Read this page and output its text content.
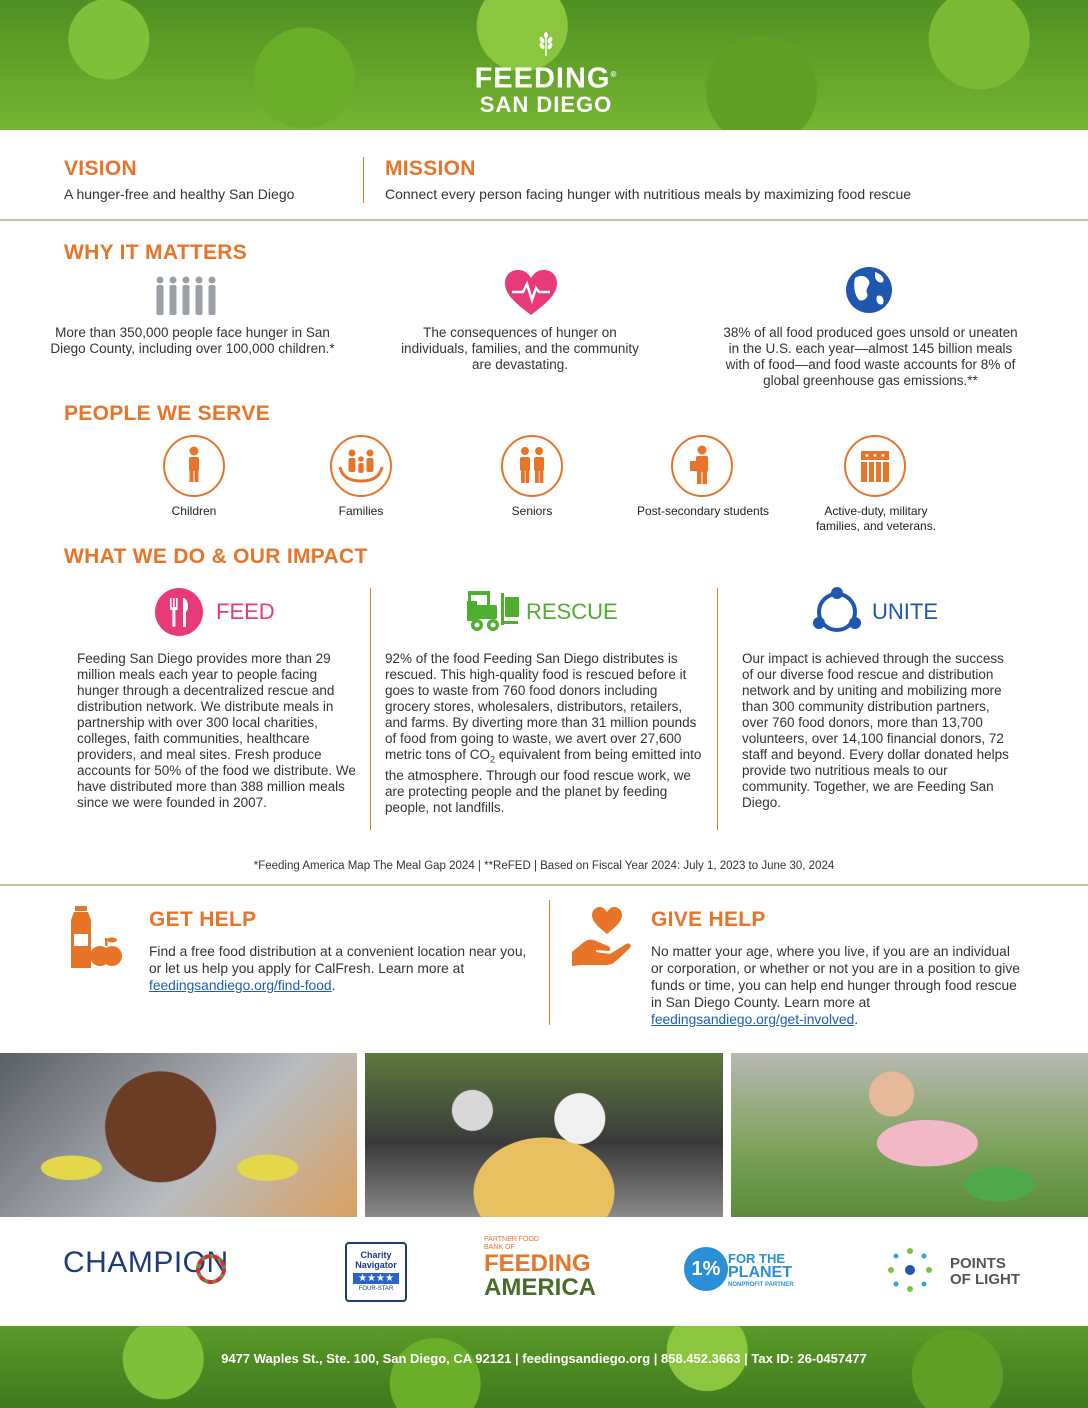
FEEDING®
SAN DIEGO
VISION
A hunger-free and healthy San Diego
MISSION
Connect every person facing hunger with nutritious meals by maximizing food rescue
WHY IT MATTERS
More than 350,000 people face hunger in San Diego County, including over 100,000 children.*
The consequences of hunger on individuals, families, and the community are devastating.
38% of all food produced goes unsold or uneaten in the U.S. each year—almost 145 billion meals with of food—and food waste accounts for 8% of global greenhouse gas emissions.**
PEOPLE WE SERVE
Children	Families	Seniors	Post-secondary students	Active-duty, military families, and veterans.
WHAT WE DO & OUR IMPACT
FEED	RESCUE	UNITE
Feeding San Diego provides more than 29 million meals each year to people facing hunger through a decentralized rescue and distribution network. We distribute meals in partnership with over 300 local charities, colleges, faith communities, healthcare providers, and meal sites. Fresh produce accounts for 50% of the food we distribute. We have distributed more than 388 million meals since we were founded in 2007.
92% of the food Feeding San Diego distributes is rescued. This high-quality food is rescued before it goes to waste from 760 food donors including grocery stores, wholesalers, distributors, retailers, and farms. By diverting more than 31 million pounds of food from going to waste, we avert over 27,600 metric tons of $CO_2$ equivalent from being emitted into the atmosphere. Through our food rescue work, we are protecting people and the planet by feeding people, not landfills.
Our impact is achieved through the success of our diverse food rescue and distribution network and by uniting and mobilizing more than 300 community distribution partners, over 760 food donors, more than 13,700 volunteers, over 14,100 financial donors, 72 staff and beyond. Every dollar donated helps provide two nutritious meals to our community. Together, we are Feeding San Diego.
*Feeding America Map The Meal Gap 2024 | **ReFED | Based on Fiscal Year 2024: July 1, 2023 to June 30, 2024
GET HELP
Find a free food distribution at a convenient location near you, or let us help you apply for CalFresh. Learn more at feedingsandiego.org/find-food.
GIVE HELP
No matter your age, where you live, if you are an individual or corporation, or whether or not you are in a position to give funds or time, you can help end hunger through food rescue in San Diego County. Learn more at feedingsandiego.org/get-involved.
CHAMPION	Charity
Navigator
★★★★
FOUR-STAR
PARTNER FOOD BANK OF
FEEDING
AMERICA
1% FOR THE
PLANET
NONPROFIT PARTNER
POINTS
OF LIGHT
9477 Waples St., Ste. 100, San Diego, CA 92121 | feedingsandiego.org | 858.452.3663 | Tax ID: 26-0457477
